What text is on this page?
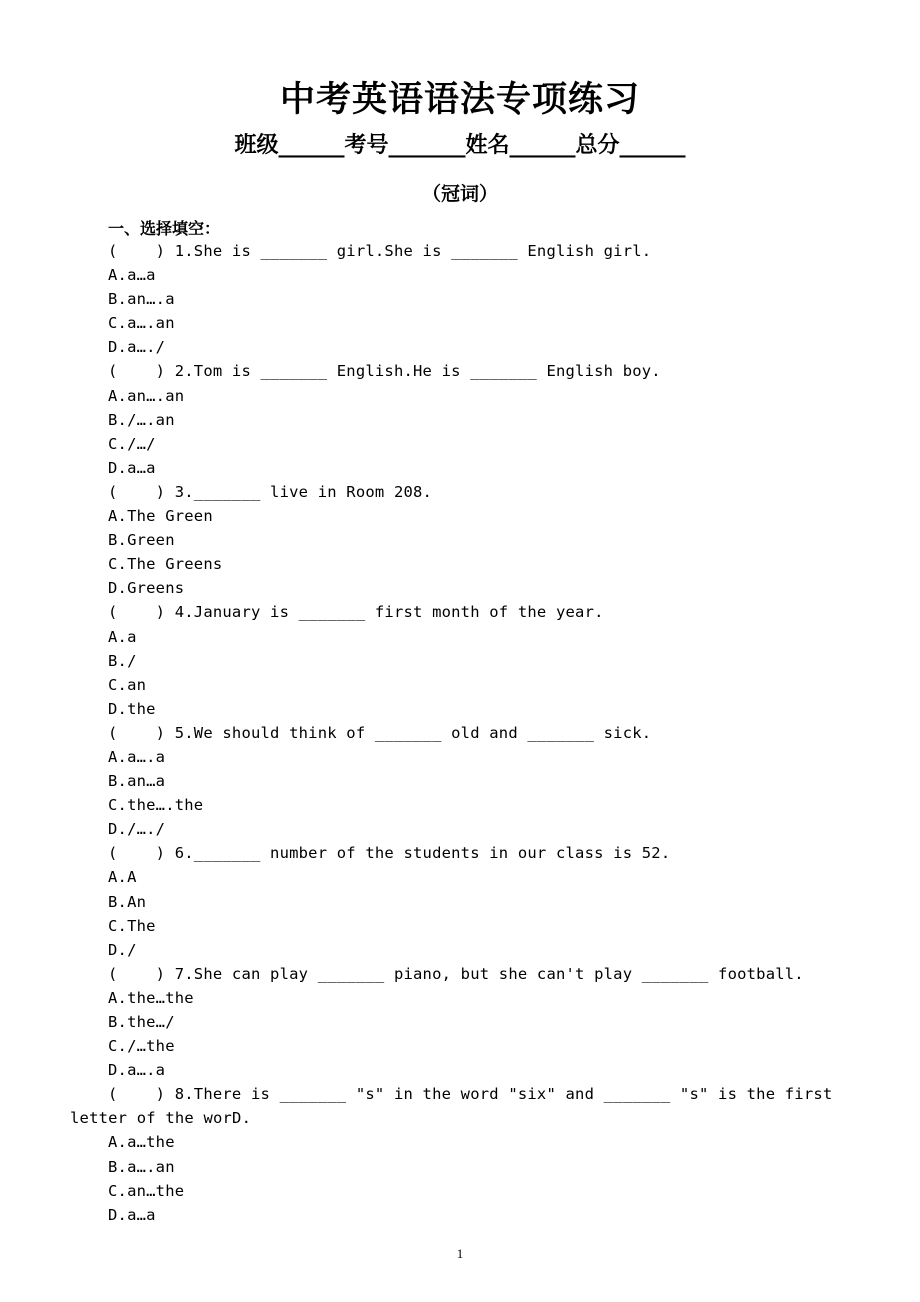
中考英语语法专项练习
班级______考号_______姓名______总分______
（冠词）
一、选择填空：
(    ) 1.She is _______ girl.She is _______ English girl.
A.a…a
B.an….a
C.a….an
D.a…./
(    ) 2.Tom is _______ English.He is _______ English boy.
A.an….an
B./….an
C./…/
D.a…a
(    ) 3._______ live in Room 208.
A.The Green
B.Green
C.The Greens
D.Greens
(    ) 4.January is _______ first month of the year.
A.a
B./
C.an
D.the
(    ) 5.We should think of _______ old and _______ sick.
A.a….a
B.an…a
C.the….the
D./…./
(    ) 6._______ number of the students in our class is 52.
A.A
B.An
C.The
D./
(    ) 7.She can play _______ piano, but she can't play _______ football.
A.the…the
B.the…/
C./…the
D.a….a
(    ) 8.There is _______ "s" in the word "six" and _______ "s" is the first letter of the worD.
A.a…the
B.a….an
C.an…the
D.a…a
1
